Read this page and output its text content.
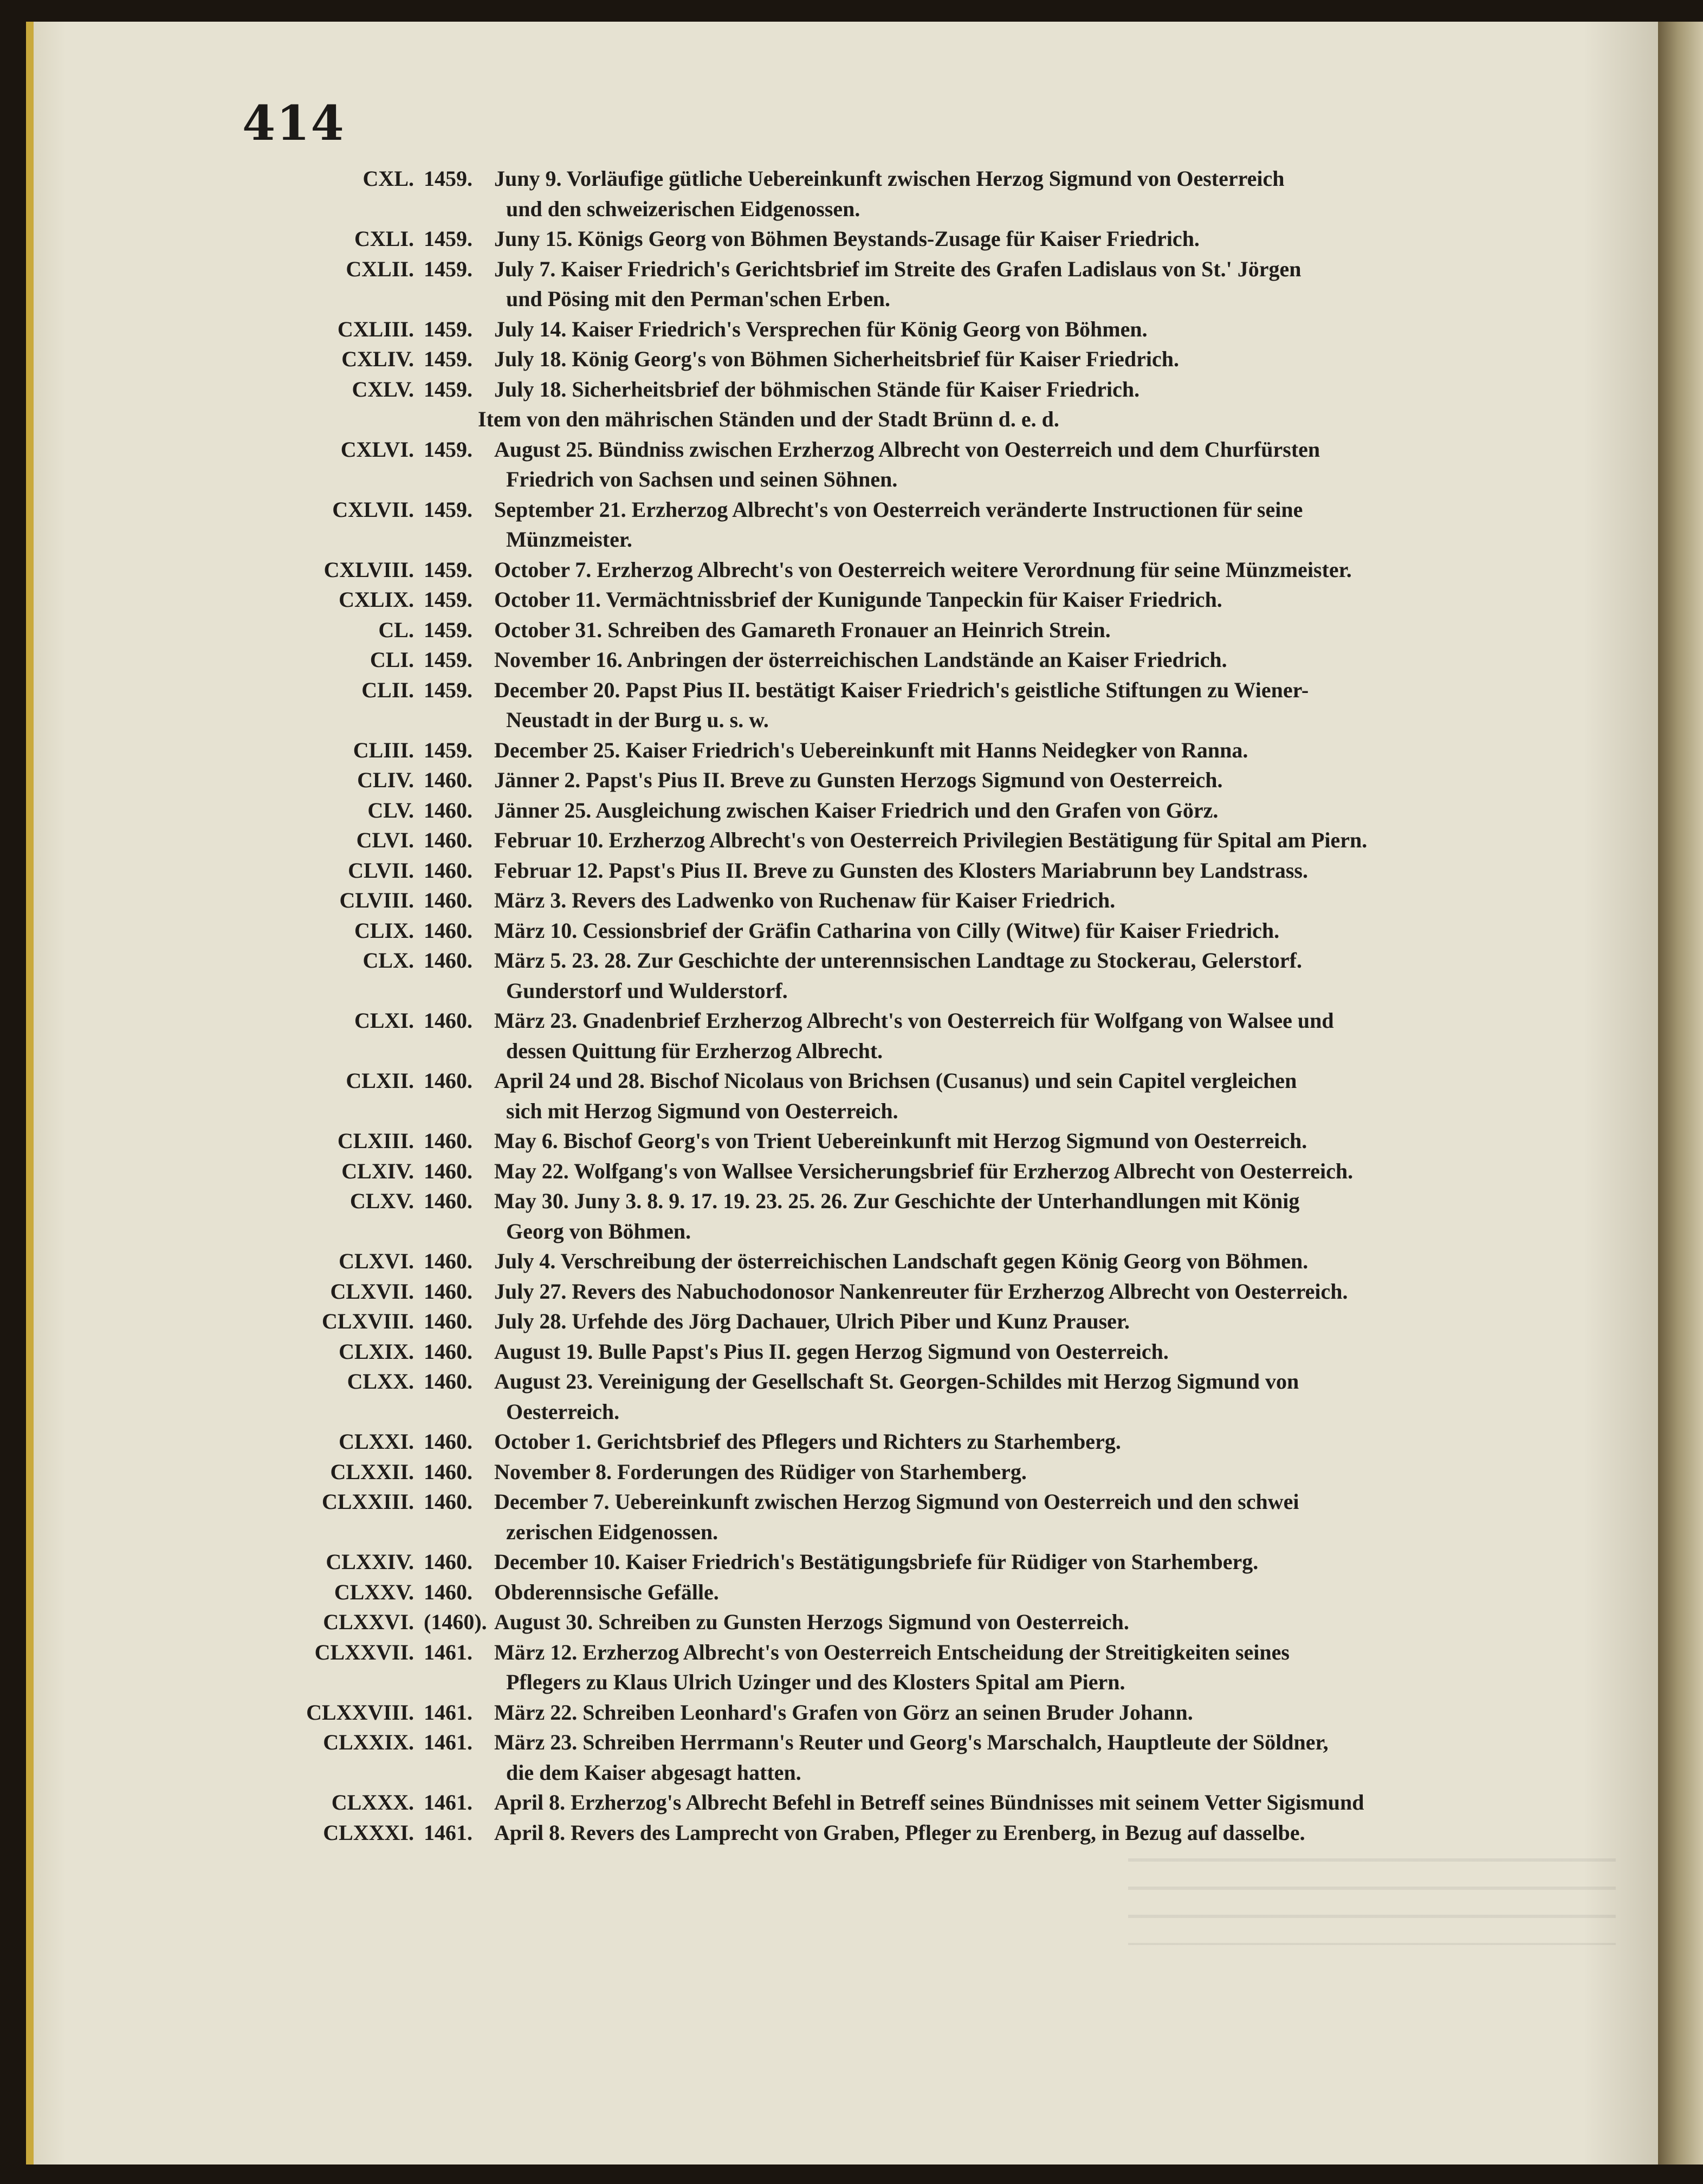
414
CXL. 1459.	Juny 9. Vorläufige gütliche Uebereinkunft zwischen Herzog Sigmund von Oesterreich
und den schweizerischen Eidgenossen.
CXLI. 1459.	Juny 15. Königs Georg von Böhmen Beystands-Zusage für Kaiser Friedrich.
CXLII. 1459.	July 7. Kaiser Friedrich's Gerichtsbrief im Streite des Grafen Ladislaus von St.' Jörgen
und Pösing mit den Perman'schen Erben.
CXLIII. 1459.	July 14. Kaiser Friedrich's Versprechen für König Georg von Böhmen.
CXLIV. 1459.	July 18. König Georg's von Böhmen Sicherheitsbrief für Kaiser Friedrich.
CXLV. 1459.	July 18. Sicherheitsbrief der böhmischen Stände für Kaiser Friedrich.
Item von den mährischen Ständen und der Stadt Brünn d. e. d.
CXLVI. 1459.	August 25. Bündniss zwischen Erzherzog Albrecht von Oesterreich und dem Churfürsten
Friedrich von Sachsen und seinen Söhnen.
CXLVII. 1459.	September 21. Erzherzog Albrecht's von Oesterreich veränderte Instructionen für seine
Münzmeister.
CXLVIII. 1459.	October 7. Erzherzog Albrecht's von Oesterreich weitere Verordnung für seine Münzmeister.
CXLIX. 1459.	October 11. Vermächtnissbrief der Kunigunde Tanpeckin für Kaiser Friedrich.
CL. 1459.	October 31. Schreiben des Gamareth Fronauer an Heinrich Strein.
CLI. 1459.	November 16. Anbringen der österreichischen Landstände an Kaiser Friedrich.
CLII. 1459.	December 20. Papst Pius II. bestätigt Kaiser Friedrich's geistliche Stiftungen zu Wiener-
Neustadt in der Burg u. s. w.
CLIII. 1459.	December 25. Kaiser Friedrich's Uebereinkunft mit Hanns Neidegker von Ranna.
CLIV. 1460.	Jänner 2. Papst's Pius II. Breve zu Gunsten Herzogs Sigmund von Oesterreich.
CLV. 1460.	Jänner 25. Ausgleichung zwischen Kaiser Friedrich und den Grafen von Görz.
CLVI. 1460.	Februar 10. Erzherzog Albrecht's von Oesterreich Privilegien Bestätigung für Spital am Piern.
CLVII. 1460.	Februar 12. Papst's Pius II. Breve zu Gunsten des Klosters Mariabrunn bey Landstrass.
CLVIII. 1460.	März 3. Revers des Ladwenko von Ruchenaw für Kaiser Friedrich.
CLIX. 1460.	März 10. Cessionsbrief der Gräfin Catharina von Cilly (Witwe) für Kaiser Friedrich.
CLX. 1460.	März 5. 23. 28. Zur Geschichte der unterennsischen Landtage zu Stockerau, Gelerstorf.
Gunderstorf und Wulderstorf.
CLXI. 1460.	März 23. Gnadenbrief Erzherzog Albrecht's von Oesterreich für Wolfgang von Walsee und
dessen Quittung für Erzherzog Albrecht.
CLXII. 1460.	April 24 und 28. Bischof Nicolaus von Brichsen (Cusanus) und sein Capitel vergleichen
sich mit Herzog Sigmund von Oesterreich.
CLXIII. 1460.	May 6. Bischof Georg's von Trient Uebereinkunft mit Herzog Sigmund von Oesterreich.
CLXIV. 1460.	May 22. Wolfgang's von Wallsee Versicherungsbrief für Erzherzog Albrecht von Oesterreich.
CLXV. 1460.	May 30. Juny 3. 8. 9. 17. 19. 23. 25. 26. Zur Geschichte der Unterhandlungen mit König
Georg von Böhmen.
CLXVI. 1460.	July 4. Verschreibung der österreichischen Landschaft gegen König Georg von Böhmen.
CLXVII. 1460.	July 27. Revers des Nabuchodonosor Nankenreuter für Erzherzog Albrecht von Oesterreich.
CLXVIII. 1460.	July 28. Urfehde des Jörg Dachauer, Ulrich Piber und Kunz Prauser.
CLXIX. 1460.	August 19. Bulle Papst's Pius II. gegen Herzog Sigmund von Oesterreich.
CLXX. 1460.	August 23. Vereinigung der Gesellschaft St. Georgen-Schildes mit Herzog Sigmund von
Oesterreich.
CLXXI. 1460.	October 1. Gerichtsbrief des Pflegers und Richters zu Starhemberg.
CLXXII. 1460.	November 8. Forderungen des Rüdiger von Starhemberg.
CLXXIII. 1460.	December 7. Uebereinkunft zwischen Herzog Sigmund von Oesterreich und den schwei
zerischen Eidgenossen.
CLXXIV. 1460.	December 10. Kaiser Friedrich's Bestätigungsbriefe für Rüdiger von Starhemberg.
CLXXV. 1460.	Obderennsische Gefälle.
CLXXVI. (1460). August 30. Schreiben zu Gunsten Herzogs Sigmund von Oesterreich.
CLXXVII. 1461.	März 12. Erzherzog Albrecht's von Oesterreich Entscheidung der Streitigkeiten seines
Pflegers zu Klaus Ulrich Uzinger und des Klosters Spital am Piern.
CLXXVIII. 1461.	März 22. Schreiben Leonhard's Grafen von Görz an seinen Bruder Johann.
CLXXIX. 1461.	März 23. Schreiben Herrmann's Reuter und Georg's Marschalch, Hauptleute der Söldner,
die dem Kaiser abgesagt hatten.
CLXXX. 1461.	April 8. Erzherzog's Albrecht Befehl in Betreff seines Bündnisses mit seinem Vetter Sigismund
CLXXXI. 1461.	April 8. Revers des Lamprecht von Graben, Pfleger zu Erenberg, in Bezug auf dasselbe.
